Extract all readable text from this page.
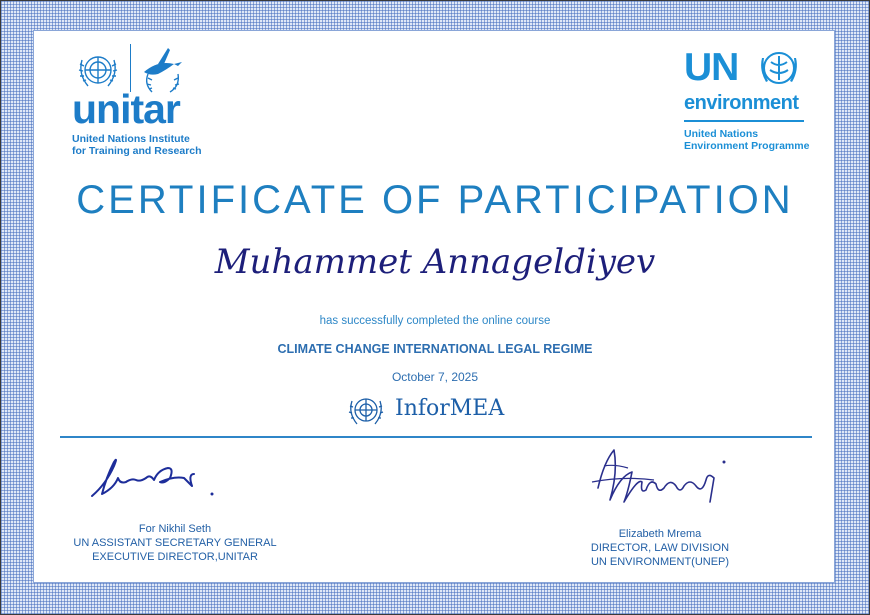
unitar
United Nations Institute
for Training and Research
UN
environment
United Nations
Environment Programme
CERTIFICATE OF PARTICIPATION
Muhammet Annageldiyev
has successfully completed the online course
CLIMATE CHANGE INTERNATIONAL LEGAL REGIME
October 7, 2025
InforMEA
For Nikhil Seth
UN ASSISTANT SECRETARY GENERAL
EXECUTIVE DIRECTOR,UNITAR
Elizabeth Mrema
DIRECTOR, LAW DIVISION
UN ENVIRONMENT(UNEP)
